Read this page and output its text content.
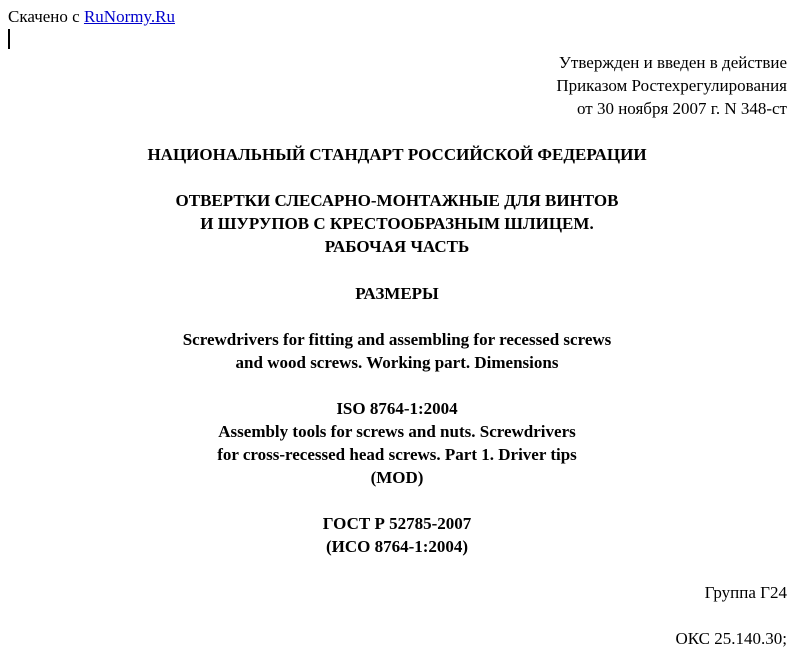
Скачено с RuNormy.Ru
Утвержден и введен в действие
Приказом Ростехрегулирования
от 30 ноября 2007 г. N 348-ст
НАЦИОНАЛЬНЫЙ СТАНДАРТ РОССИЙСКОЙ ФЕДЕРАЦИИ
ОТВЕРТКИ СЛЕСАРНО-МОНТАЖНЫЕ ДЛЯ ВИНТОВ
И ШУРУПОВ С КРЕСТООБРАЗНЫМ ШЛИЦЕМ.
РАБОЧАЯ ЧАСТЬ
РАЗМЕРЫ
Screwdrivers for fitting and assembling for recessed screws
and wood screws. Working part. Dimensions
ISO 8764-1:2004
Assembly tools for screws and nuts. Screwdrivers
for cross-recessed head screws. Part 1. Driver tips
(MOD)
ГОСТ Р 52785-2007
(ИСО 8764-1:2004)
Группа Г24
ОКС 25.140.30;
